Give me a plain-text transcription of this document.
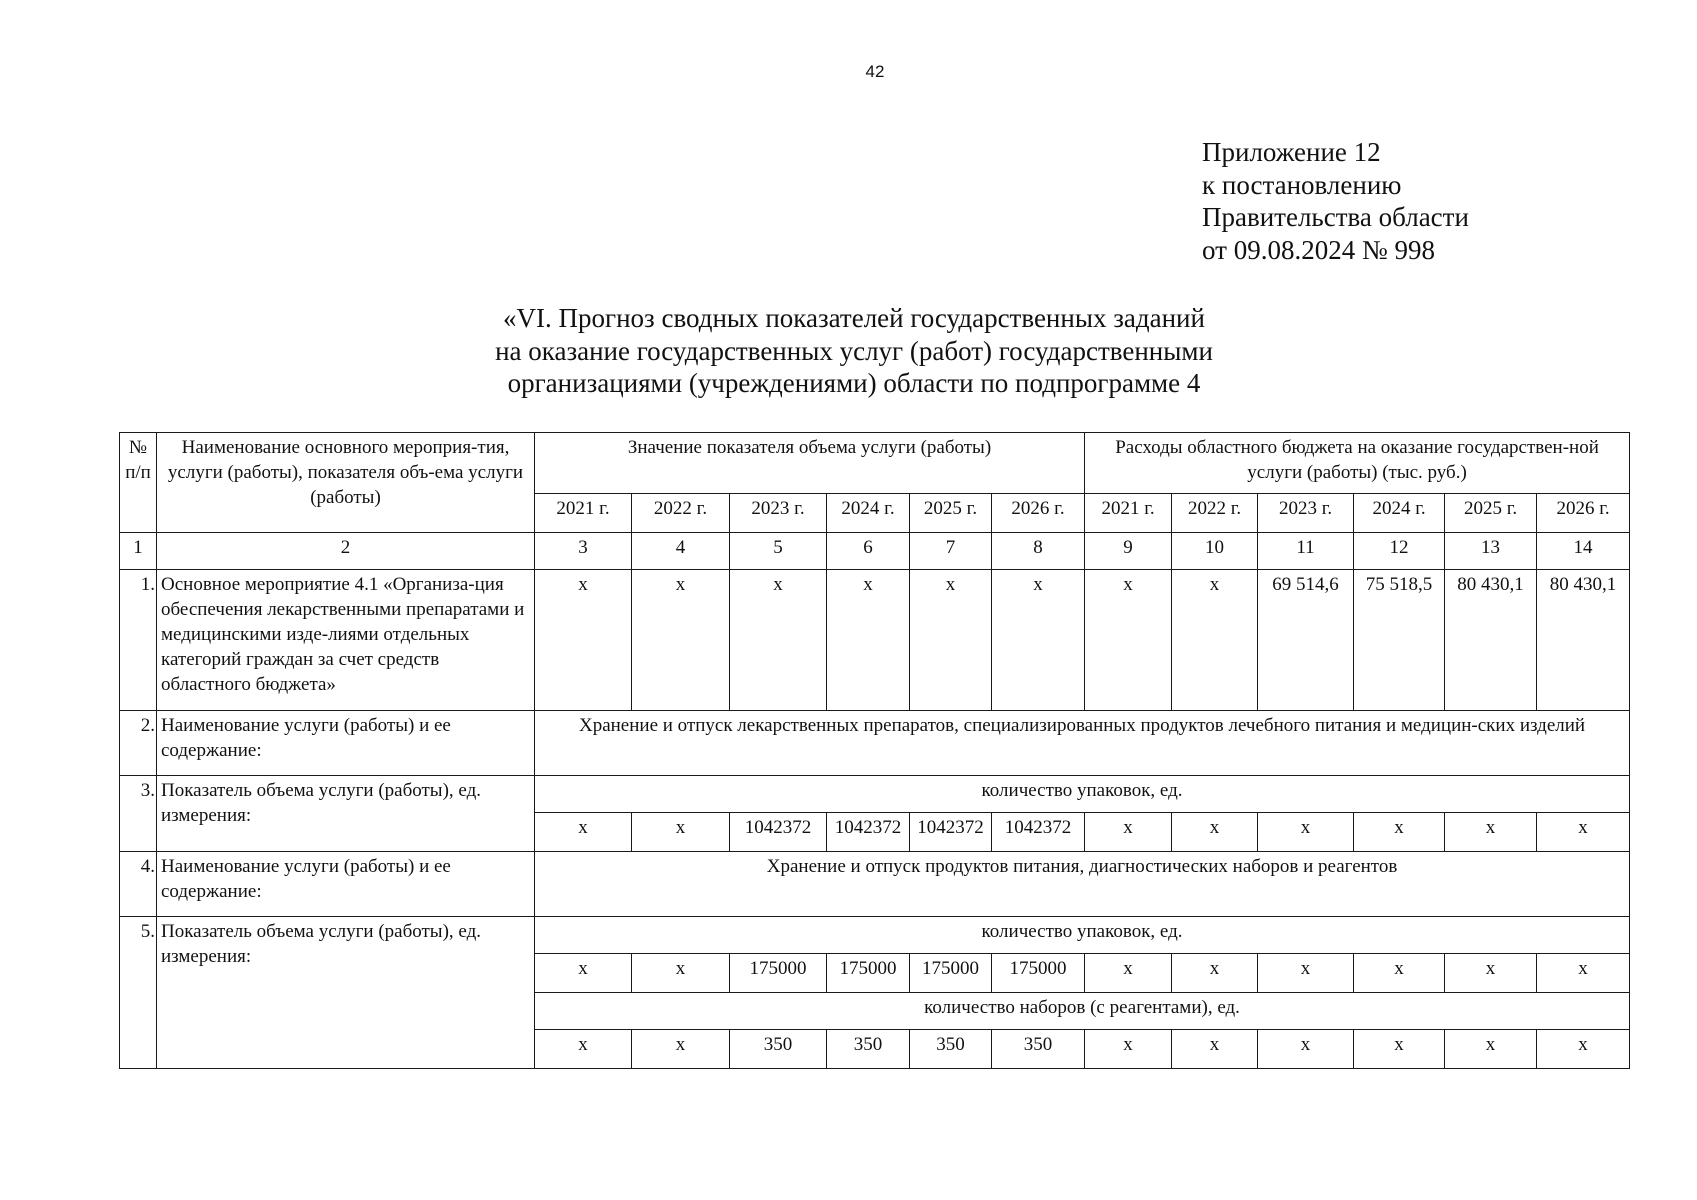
42
Приложение 12
к постановлению
Правительства области
от 09.08.2024 № 998
«VI. Прогноз сводных показателей государственных заданий
на оказание государственных услуг (работ) государственными
организациями (учреждениями) области по подпрограмме 4
№ п/п	Наименование основного мероприя-тия, услуги (работы), показателя объ-ема услуги (работы)	Значение показателя объема услуги (работы)						Расходы областного бюджета на оказание государствен-ной услуги (работы) (тыс. руб.)					
		2021 г.	2022 г.	2023 г.	2024 г.	2025 г.	2026 г.	2021 г.	2022 г.	2023 г.	2024 г.	2025 г.	2026 г.
1	2	3	4	5	6	7	8	9	10	11	12	13	14
1.	Основное мероприятие 4.1 «Организа-ция обеспечения лекарственными препаратами и медицинскими изде-лиями отдельных категорий граждан за счет средств областного бюджета»	х	х	х	х	х	х	х	х	69 514,6	75 518,5	80 430,1	80 430,1
2.	Наименование услуги (работы) и ее содержание:	Хранение и отпуск лекарственных препаратов, специализированных продуктов лечебного питания и медицин-ских изделий											
3.	Показатель объема услуги (работы), ед. измерения:	количество упаковок, ед.											
		х	х	1042372	1042372	1042372	1042372	х	х	х	х	х	х
4.	Наименование услуги (работы) и ее содержание:	Хранение и отпуск продуктов питания, диагностических наборов и реагентов											
5.	Показатель объема услуги (работы), ед. измерения:	количество упаковок, ед.											
		х	х	175000	175000	175000	175000	х	х	х	х	х	х
		количество наборов (с реагентами), ед.											
		х	х	350	350	350	350	х	х	х	х	х	х
